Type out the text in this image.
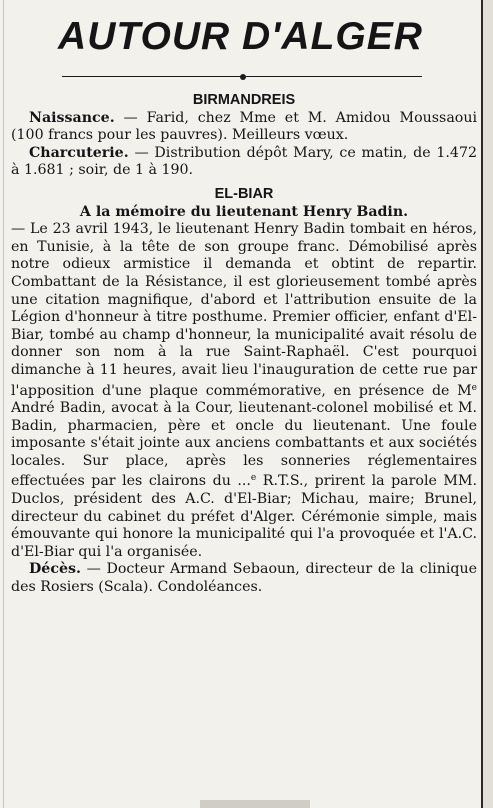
AUTOUR D'ALGER

BIRMANDREIS

Naissance. — Farid, chez Mme et M. Amidou Moussaoui (100 francs pour les pauvres). Meilleurs vœux.

Charcuterie. — Distribution dépôt Mary, ce matin, de 1.472 à 1.681 ; soir, de 1 à 190.

EL-BIAR

A la mémoire du lieutenant Henry Badin.

— Le 23 avril 1943, le lieutenant Henry Badin tombait en héros, en Tunisie, à la tête de son groupe franc. Démobilisé après notre odieux armistice il demanda et obtint de repartir. Combattant de la Résistance, il est glorieusement tombé après une citation magnifique, d'abord et l'attribution ensuite de la Légion d'honneur à titre posthume. Premier officier, enfant d'El-Biar, tombé au champ d'honneur, la municipalité avait résolu de donner son nom à la rue Saint-Raphaël. C'est pourquoi dimanche à 11 heures, avait lieu l'inauguration de cette rue par l'apposition d'une plaque commémorative, en présence de Me André Badin, avocat à la Cour, lieutenant-colonel mobilisé et M. Badin, pharmacien, père et oncle du lieutenant. Une foule imposante s'était jointe aux anciens combattants et aux sociétés locales. Sur place, après les sonneries réglementaires effectuées par les clairons du ...$^e$ R.T.S., prirent la parole MM. Duclos, président des A.C. d'El-Biar; Michau, maire; Brunel, directeur du cabinet du préfet d'Alger. Cérémonie simple, mais émouvante qui honore la municipalité qui l'a provoquée et l'A.C. d'El-Biar qui l'a organisée.

Décès. — Docteur Armand Sebaoun, directeur de la clinique des Rosiers (Scala). Condoléances.
